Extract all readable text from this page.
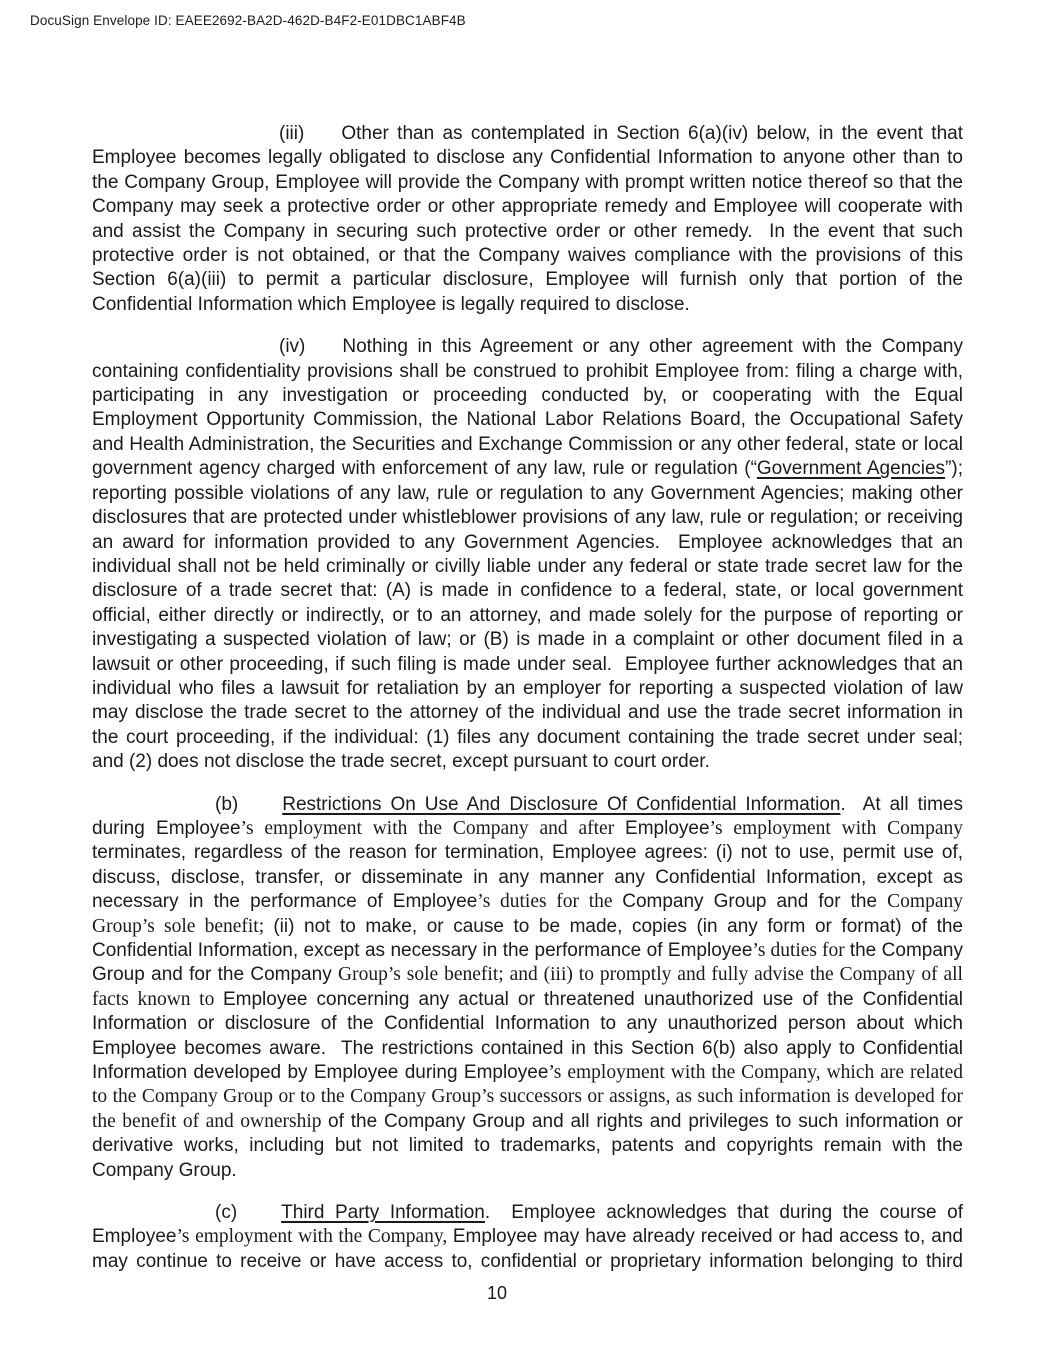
DocuSign Envelope ID: EAEE2692-BA2D-462D-B4F2-E01DBC1ABF4B

(iii) Other than as contemplated in Section 6(a)(iv) below, in the event that Employee becomes legally obligated to disclose any Confidential Information to anyone other than to the Company Group, Employee will provide the Company with prompt written notice thereof so that the Company may seek a protective order or other appropriate remedy and Employee will cooperate with and assist the Company in securing such protective order or other remedy.  In the event that such protective order is not obtained, or that the Company waives compliance with the provisions of this Section 6(a)(iii) to permit a particular disclosure, Employee will furnish only that portion of the Confidential Information which Employee is legally required to disclose.

(iv) Nothing in this Agreement or any other agreement with the Company containing confidentiality provisions shall be construed to prohibit Employee from: filing a charge with, participating in any investigation or proceeding conducted by, or cooperating with the Equal Employment Opportunity Commission, the National Labor Relations Board, the Occupational Safety and Health Administration, the Securities and Exchange Commission or any other federal, state or local government agency charged with enforcement of any law, rule or regulation (“Government Agencies”); reporting possible violations of any law, rule or regulation to any Government Agencies; making other disclosures that are protected under whistleblower provisions of any law, rule or regulation; or receiving an award for information provided to any Government Agencies.  Employee acknowledges that an individual shall not be held criminally or civilly liable under any federal or state trade secret law for the disclosure of a trade secret that: (A) is made in confidence to a federal, state, or local government official, either directly or indirectly, or to an attorney, and made solely for the purpose of reporting or investigating a suspected violation of law; or (B) is made in a complaint or other document filed in a lawsuit or other proceeding, if such filing is made under seal.  Employee further acknowledges that an individual who files a lawsuit for retaliation by an employer for reporting a suspected violation of law may disclose the trade secret to the attorney of the individual and use the trade secret information in the court proceeding, if the individual: (1) files any document containing the trade secret under seal; and (2) does not disclose the trade secret, except pursuant to court order.

(b) Restrictions On Use And Disclosure Of Confidential Information.  At all times during Employee’s employment with the Company and after Employee’s employment with Company terminates, regardless of the reason for termination, Employee agrees: (i) not to use, permit use of, discuss, disclose, transfer, or disseminate in any manner any Confidential Information, except as necessary in the performance of Employee’s duties for the Company Group and for the Company Group’s sole benefit; (ii) not to make, or cause to be made, copies (in any form or format) of the Confidential Information, except as necessary in the performance of Employee’s duties for the Company Group and for the Company Group’s sole benefit; and (iii) to promptly and fully advise the Company of all facts known to Employee concerning any actual or threatened unauthorized use of the Confidential Information or disclosure of the Confidential Information to any unauthorized person about which Employee becomes aware.  The restrictions contained in this Section 6(b) also apply to Confidential Information developed by Employee during Employee’s employment with the Company, which are related to the Company Group or to the Company Group’s successors or assigns, as such information is developed for the benefit of and ownership of the Company Group and all rights and privileges to such information or derivative works, including but not limited to trademarks, patents and copyrights remain with the Company Group.

(c) Third Party Information.  Employee acknowledges that during the course of Employee’s employment with the Company, Employee may have already received or had access to, and may continue to receive or have access to, confidential or proprietary information belonging to third

10
